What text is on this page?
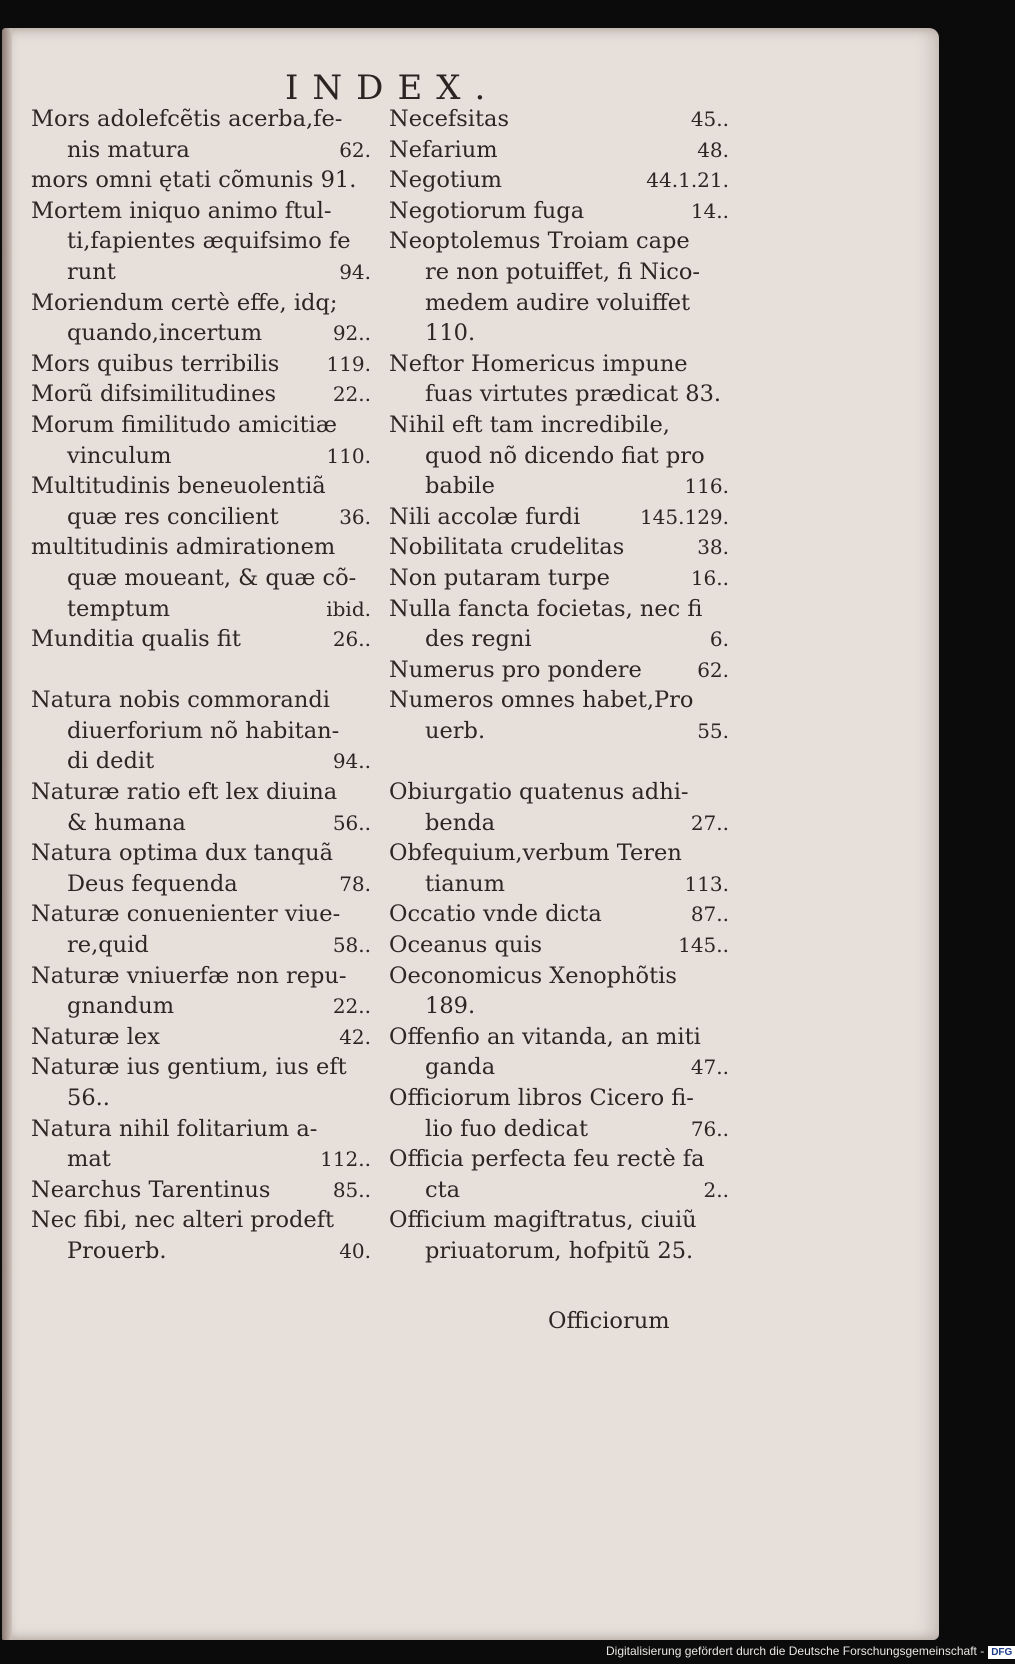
INDEX.
Mors adolefcẽtis acerba,fe-
nis matura	62.
mors omni ętati cõmunis 91.
Mortem iniquo animo ftul-
ti,fapientes æquifsimo fe
runt	94.
Moriendum certè effe, idq;
quando,incertum	92..
Mors quibus terribilis 119.
Morũ difsimilitudines	22..
Morum fimilitudo amicitiæ
vinculum	110.
Multitudinis beneuolentiã
quæ res concilient	36.
multitudinis admirationem
quæ moueant, & quæ cõ-
temptum	ibid.
Munditia qualis fit	26..
Natura nobis commorandi
diuerforium nõ habitan-
di dedit	94..
Naturæ ratio eft lex diuina
& humana	56..
Natura optima dux tanquã
Deus fequenda	78.
Naturæ conuenienter viue-
re,quid	58..
Naturæ vniuerfæ non repu-
gnandum	22..
Naturæ lex	42.
Naturæ ius gentium, ius eft
56..
Natura nihil folitarium a-
mat	112..
Nearchus Tarentinus	85..
Nec fibi, nec alteri prodeft
Prouerb.	40.
Necefsitas	45..
Nefarium	48.
Negotium	44.1.21.
Negotiorum fuga	14..
Neoptolemus Troiam cape
re non potuiffet, fi Nico-
medem audire voluiffet
110.
Neftor Homericus impune
fuas virtutes prædicat 83.
Nihil eft tam incredibile,
quod nõ dicendo fiat pro
babile	116.
Nili accolæ furdi	145.129.
Nobilitata crudelitas	38.
Non putaram turpe	16..
Nulla fancta focietas, nec fi
des regni	6.
Numerus pro pondere	62.
Numeros omnes habet,Pro
uerb.	55.
Obiurgatio quatenus adhi-
benda	27..
Obfequium,verbum Teren
tianum	113.
Occatio vnde dicta	87..
Oceanus quis	145..
Oeconomicus Xenophõtis
189.
Offenfio an vitanda, an miti
ganda	47..
Officiorum libros Cicero fi-
lio fuo dedicat	76..
Officia perfecta feu rectè fa
cta	2..
Officium magiftratus, ciuiũ
priuatorum, hofpitũ 25.
Officiorum
Digitalisierung gefördert durch die Deutsche Forschungsgemeinschaft - DFG
